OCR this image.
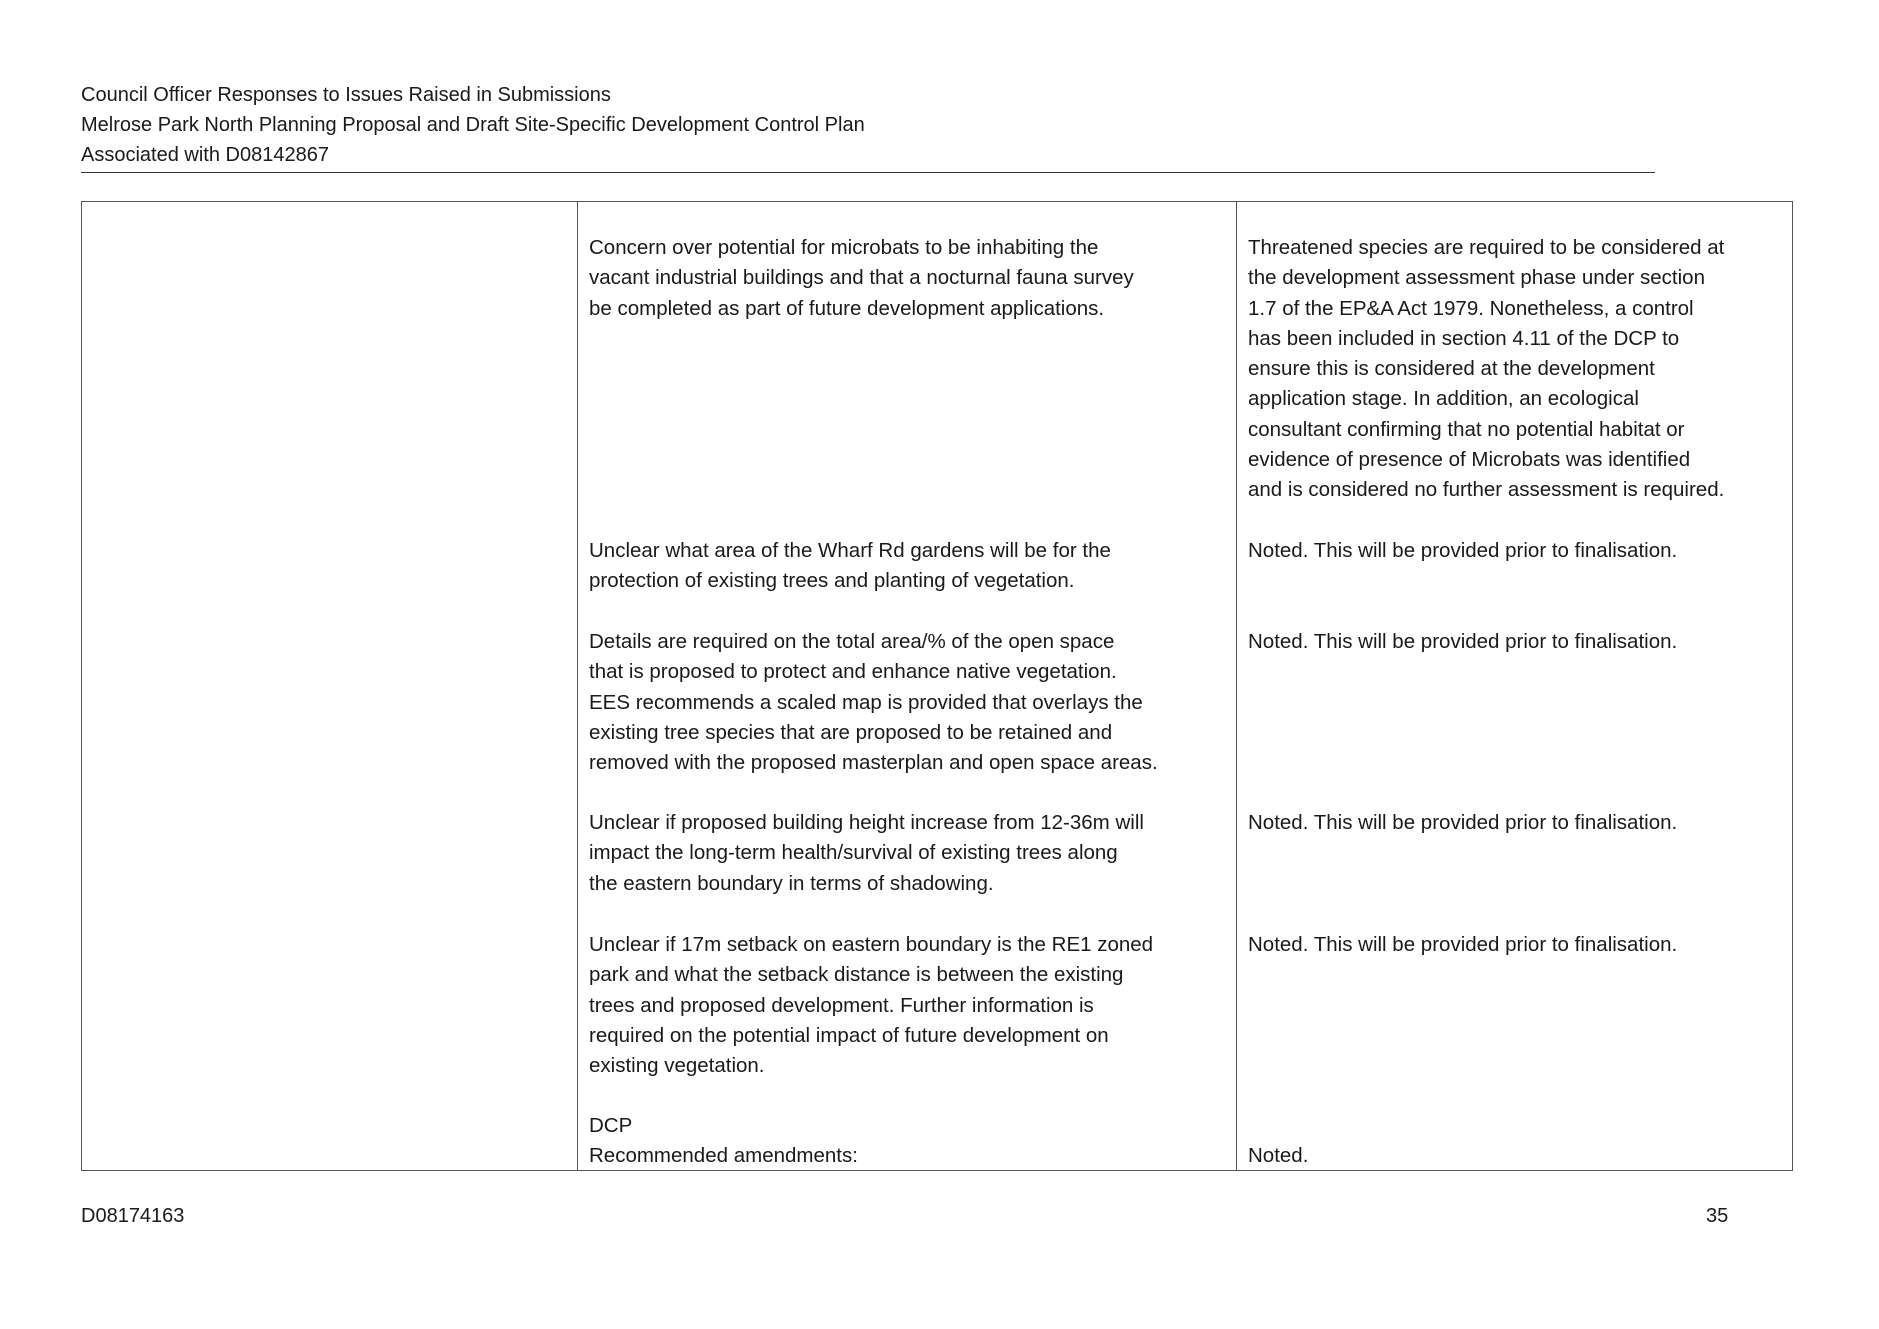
Council Officer Responses to Issues Raised in Submissions
Melrose Park North Planning Proposal and Draft Site-Specific Development Control Plan
Associated with D08142867
Concern over potential for microbats to be inhabiting the
vacant industrial buildings and that a nocturnal fauna survey
be completed as part of future development applications.
Unclear what area of the Wharf Rd gardens will be for the
protection of existing trees and planting of vegetation.
Details are required on the total area/% of the open space
that is proposed to protect and enhance native vegetation.
EES recommends a scaled map is provided that overlays the
existing tree species that are proposed to be retained and
removed with the proposed masterplan and open space areas.
Unclear if proposed building height increase from 12-36m will
impact the long-term health/survival of existing trees along
the eastern boundary in terms of shadowing.
Unclear if 17m setback on eastern boundary is the RE1 zoned
park and what the setback distance is between the existing
trees and proposed development. Further information is
required on the potential impact of future development on
existing vegetation.
DCP
Recommended amendments:
Threatened species are required to be considered at
the development assessment phase under section
1.7 of the EP&A Act 1979. Nonetheless, a control
has been included in section 4.11 of the DCP to
ensure this is considered at the development
application stage. In addition, an ecological
consultant confirming that no potential habitat or
evidence of presence of Microbats was identified
and is considered no further assessment is required.
Noted. This will be provided prior to finalisation.
Noted. This will be provided prior to finalisation.
Noted. This will be provided prior to finalisation.
Noted. This will be provided prior to finalisation.
Noted.
D08174163	35
